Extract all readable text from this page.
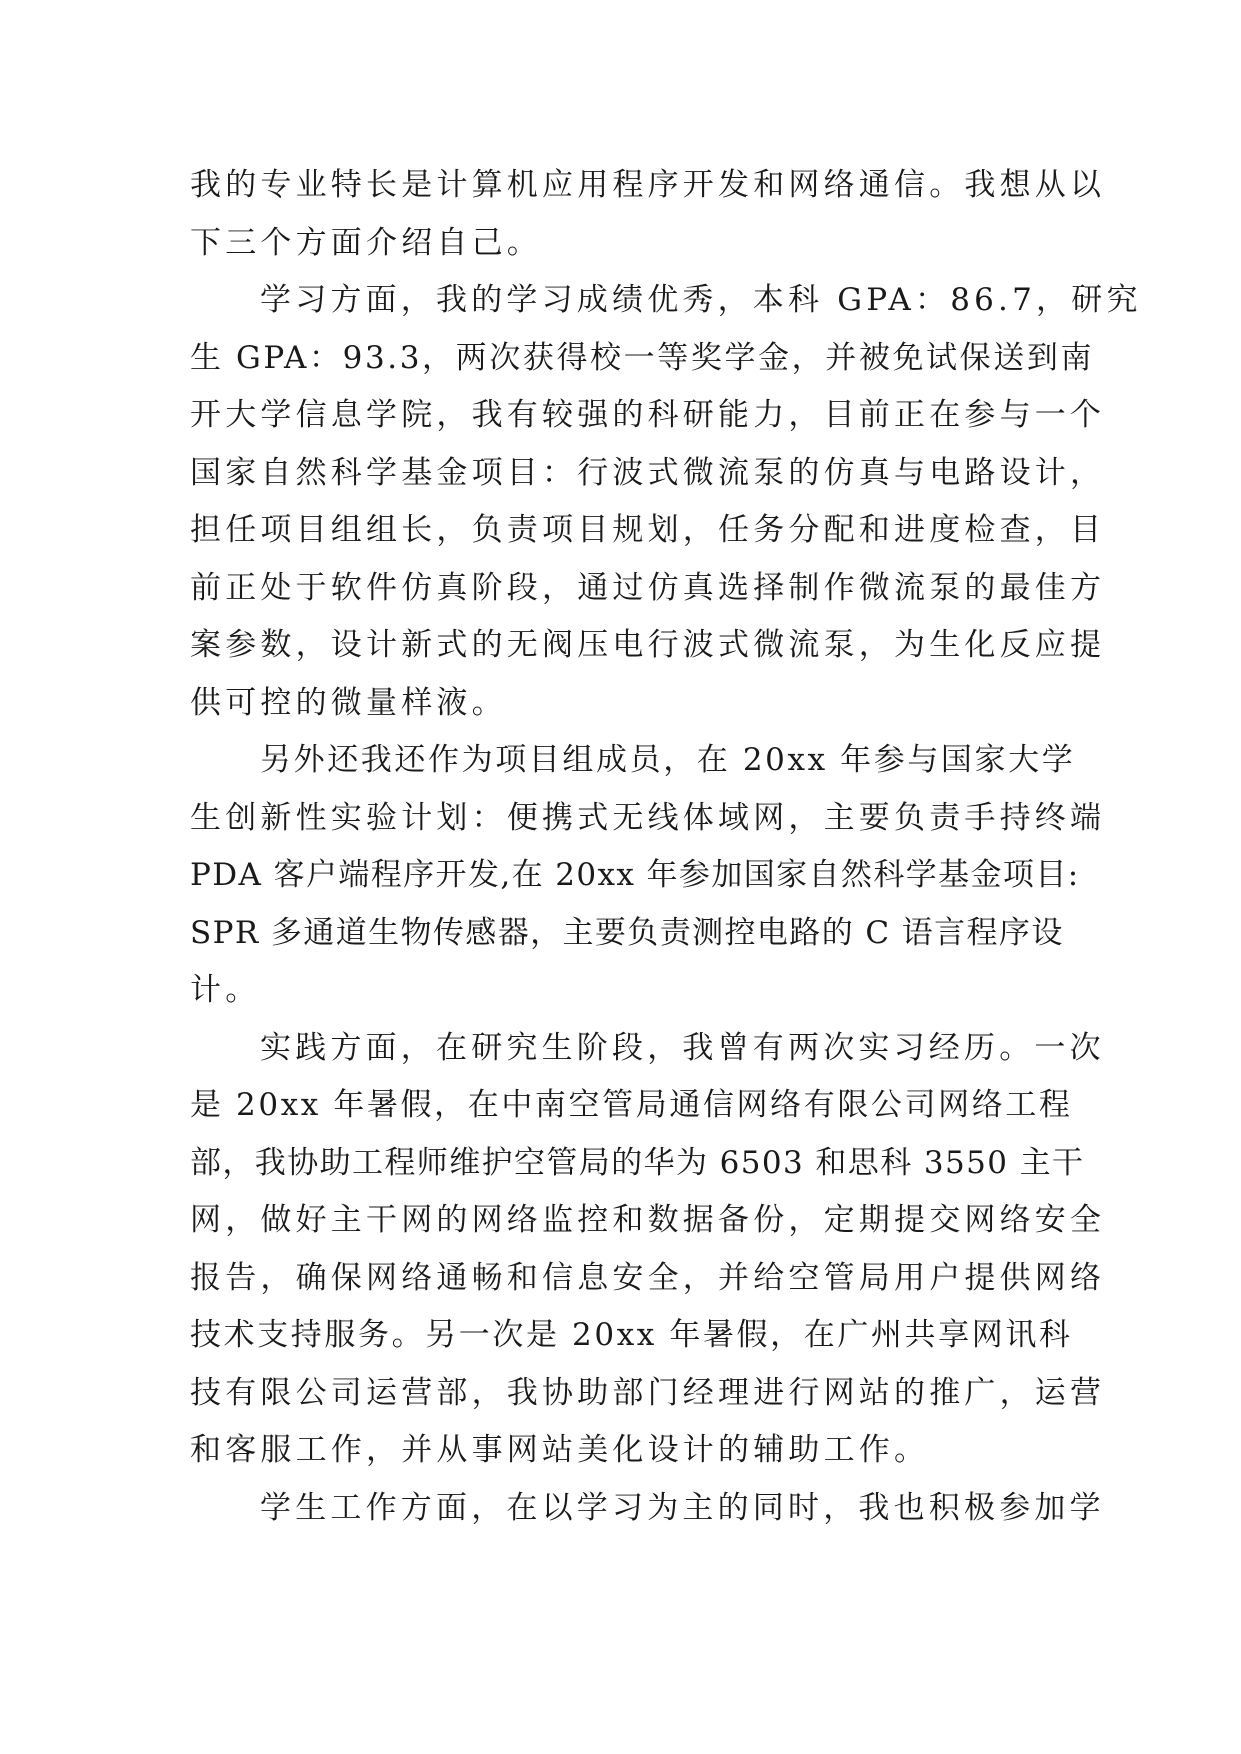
我的专业特长是计算机应用程序开发和网络通信。我想从以
下三个方面介绍自己。

学习方面，我的学习成绩优秀，本科 GPA：86.7，研究
生 GPA：93.3，两次获得校一等奖学金，并被免试保送到南
开大学信息学院，我有较强的科研能力，目前正在参与一个
国家自然科学基金项目：行波式微流泵的仿真与电路设计，
担任项目组组长，负责项目规划，任务分配和进度检查，目
前正处于软件仿真阶段，通过仿真选择制作微流泵的最佳方
案参数，设计新式的无阀压电行波式微流泵，为生化反应提
供可控的微量样液。

另外还我还作为项目组成员，在 20xx 年参与国家大学
生创新性实验计划：便携式无线体域网，主要负责手持终端
PDA 客户端程序开发,在 20xx 年参加国家自然科学基金项目:
SPR 多通道生物传感器，主要负责测控电路的 C 语言程序设
计。

实践方面，在研究生阶段，我曾有两次实习经历。一次
是 20xx 年暑假，在中南空管局通信网络有限公司网络工程
部，我协助工程师维护空管局的华为 6503 和思科 3550 主干
网，做好主干网的网络监控和数据备份，定期提交网络安全
报告，确保网络通畅和信息安全，并给空管局用户提供网络
技术支持服务。另一次是 20xx 年暑假，在广州共享网讯科
技有限公司运营部，我协助部门经理进行网站的推广，运营
和客服工作，并从事网站美化设计的辅助工作。

学生工作方面，在以学习为主的同时，我也积极参加学
